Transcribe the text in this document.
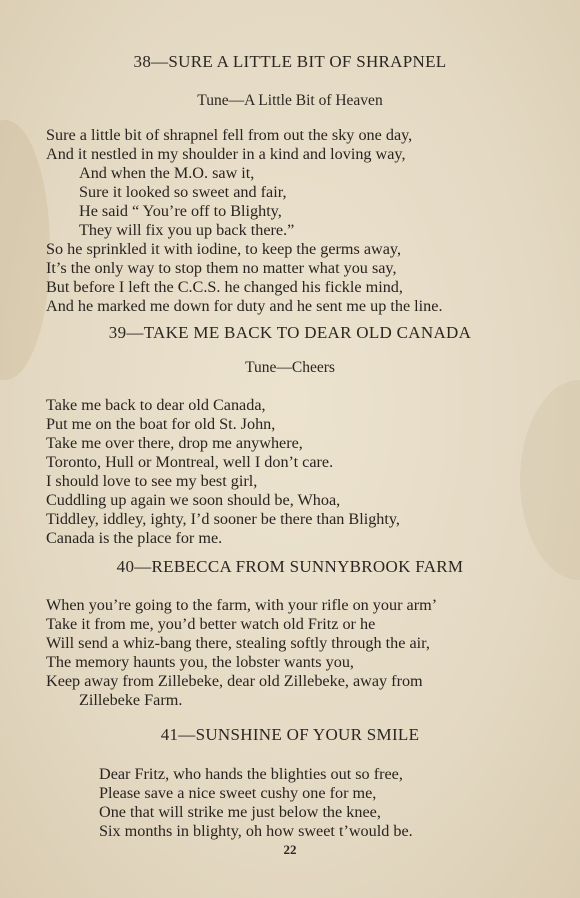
38—SURE A LITTLE BIT OF SHRAPNEL
Tune—A Little Bit of Heaven
Sure a little bit of shrapnel fell from out the sky one day,
And it nestled in my shoulder in a kind and loving way,
And when the M.O. saw it,
Sure it looked so sweet and fair,
He said “ You’re off to Blighty,
They will fix you up back there.”
So he sprinkled it with iodine, to keep the germs away,
It’s the only way to stop them no matter what you say,
But before I left the C.C.S. he changed his fickle mind,
And he marked me down for duty and he sent me up the line.
39—TAKE ME BACK TO DEAR OLD CANADA
Tune—Cheers
Take me back to dear old Canada,
Put me on the boat for old St. John,
Take me over there, drop me anywhere,
Toronto, Hull or Montreal, well I don’t care.
I should love to see my best girl,
Cuddling up again we soon should be, Whoa,
Tiddley, iddley, ighty, I’d sooner be there than Blighty,
Canada is the place for me.
40—REBECCA FROM SUNNYBROOK FARM
When you’re going to the farm, with your rifle on your arm’
Take it from me, you’d better watch old Fritz or he
Will send a whiz-bang there, stealing softly through the air,
The memory haunts you, the lobster wants you,
Keep away from Zillebeke, dear old Zillebeke, away from
Zillebeke Farm.
41—SUNSHINE OF YOUR SMILE
Dear Fritz, who hands the blighties out so free,
Please save a nice sweet cushy one for me,
One that will strike me just below the knee,
Six months in blighty, oh how sweet t’would be.
22
